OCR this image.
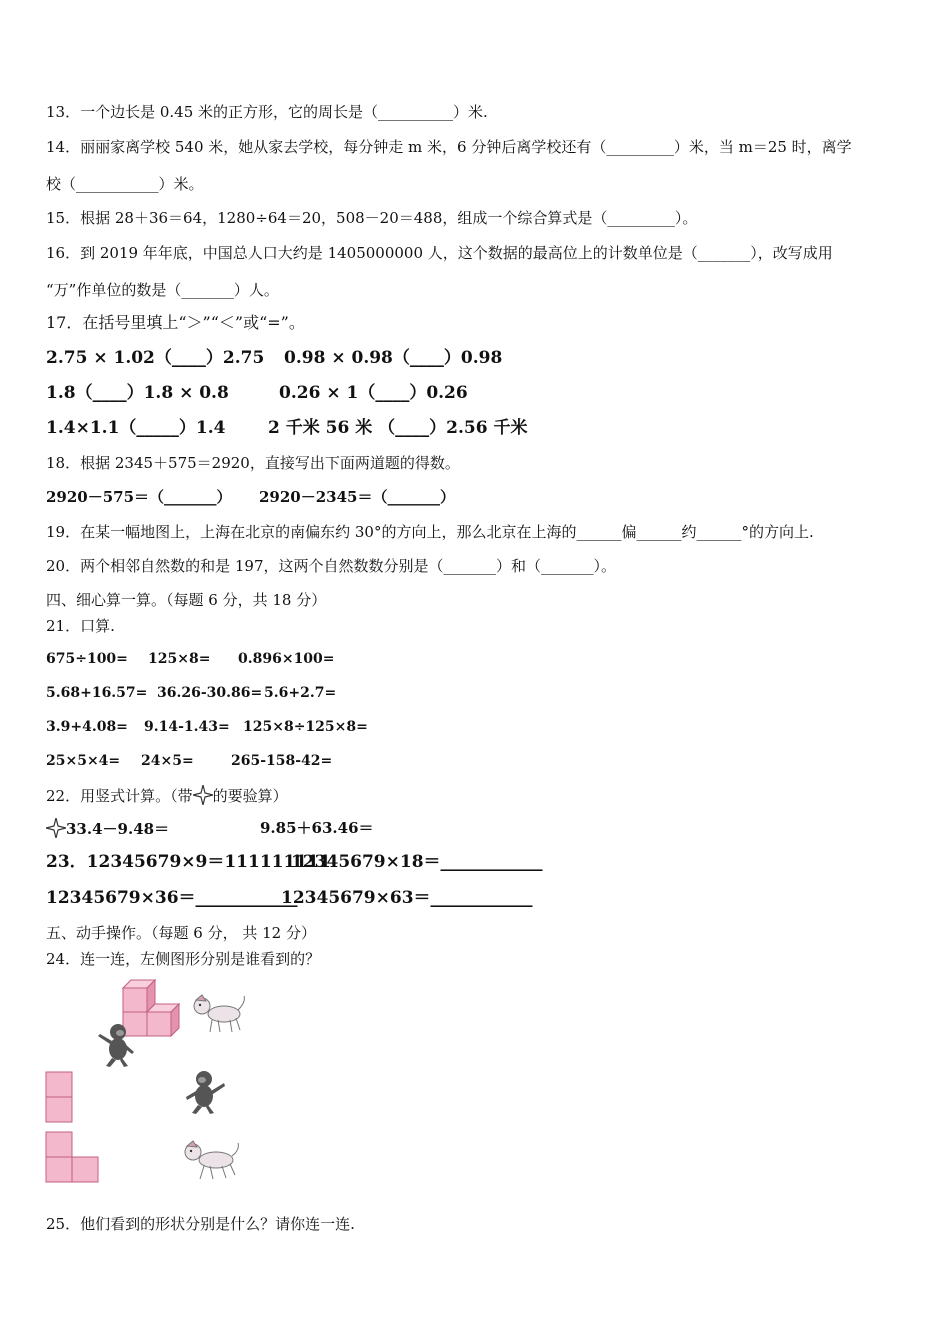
13．一个边长是 0.45 米的正方形，它的周长是（__________）米.
14．丽丽家离学校 540 米，她从家去学校，每分钟走 m 米，6 分钟后离学校还有（_________）米，当 m＝25 时，离学
校（___________）米。
15．根据 28＋36＝64，1280÷64＝20，508－20＝488，组成一个综合算式是（_________）。
16．到 2019 年年底，中国总人口大约是 1405000000 人，这个数据的最高位上的计数单位是（_______），改写成用
“万”作单位的数是（_______）人。
17．在括号里填上“＞”“＜”或“=”。
2.75 × 1.02（____）2.75 0.98 × 0.98（____）0.98
1.8（____）1.8 × 0.8	0.26 × 1（____）0.26
1.4×1.1（_____）1.4	2 千米 56 米 （____）2.56 千米
18．根据 2345＋575＝2920，直接写出下面两道题的得数。
2920－575＝（_______） 2920－2345＝（_______）
19．在某一幅地图上，上海在北京的南偏东约 30°的方向上，那么北京在上海的______偏______约______°的方向上.
20．两个相邻自然数的和是 197，这两个自然数数分别是（_______）和（_______）。
四、细心算一算。（每题 6 分，共 18 分）
21．口算.
675÷100= 125×8= 0.896×100=
5.68+16.57= 36.26-30.86= 5.6+2.7=
3.9+4.08= 9.14-1.43= 125×8÷125×8=
25×5×4= 24×5=	265-158-42=
22．用竖式计算。（带 的要验算）
33.4－9.48＝	9.85＋63.46＝
23．12345679×9＝111111111
12345679×18＝____________
12345679×36＝____________
12345679×63＝____________
五、动手操作。（每题 6 分， 共 12 分）
24．连一连，左侧图形分别是谁看到的？
25．他们看到的形状分别是什么？请你连一连.
